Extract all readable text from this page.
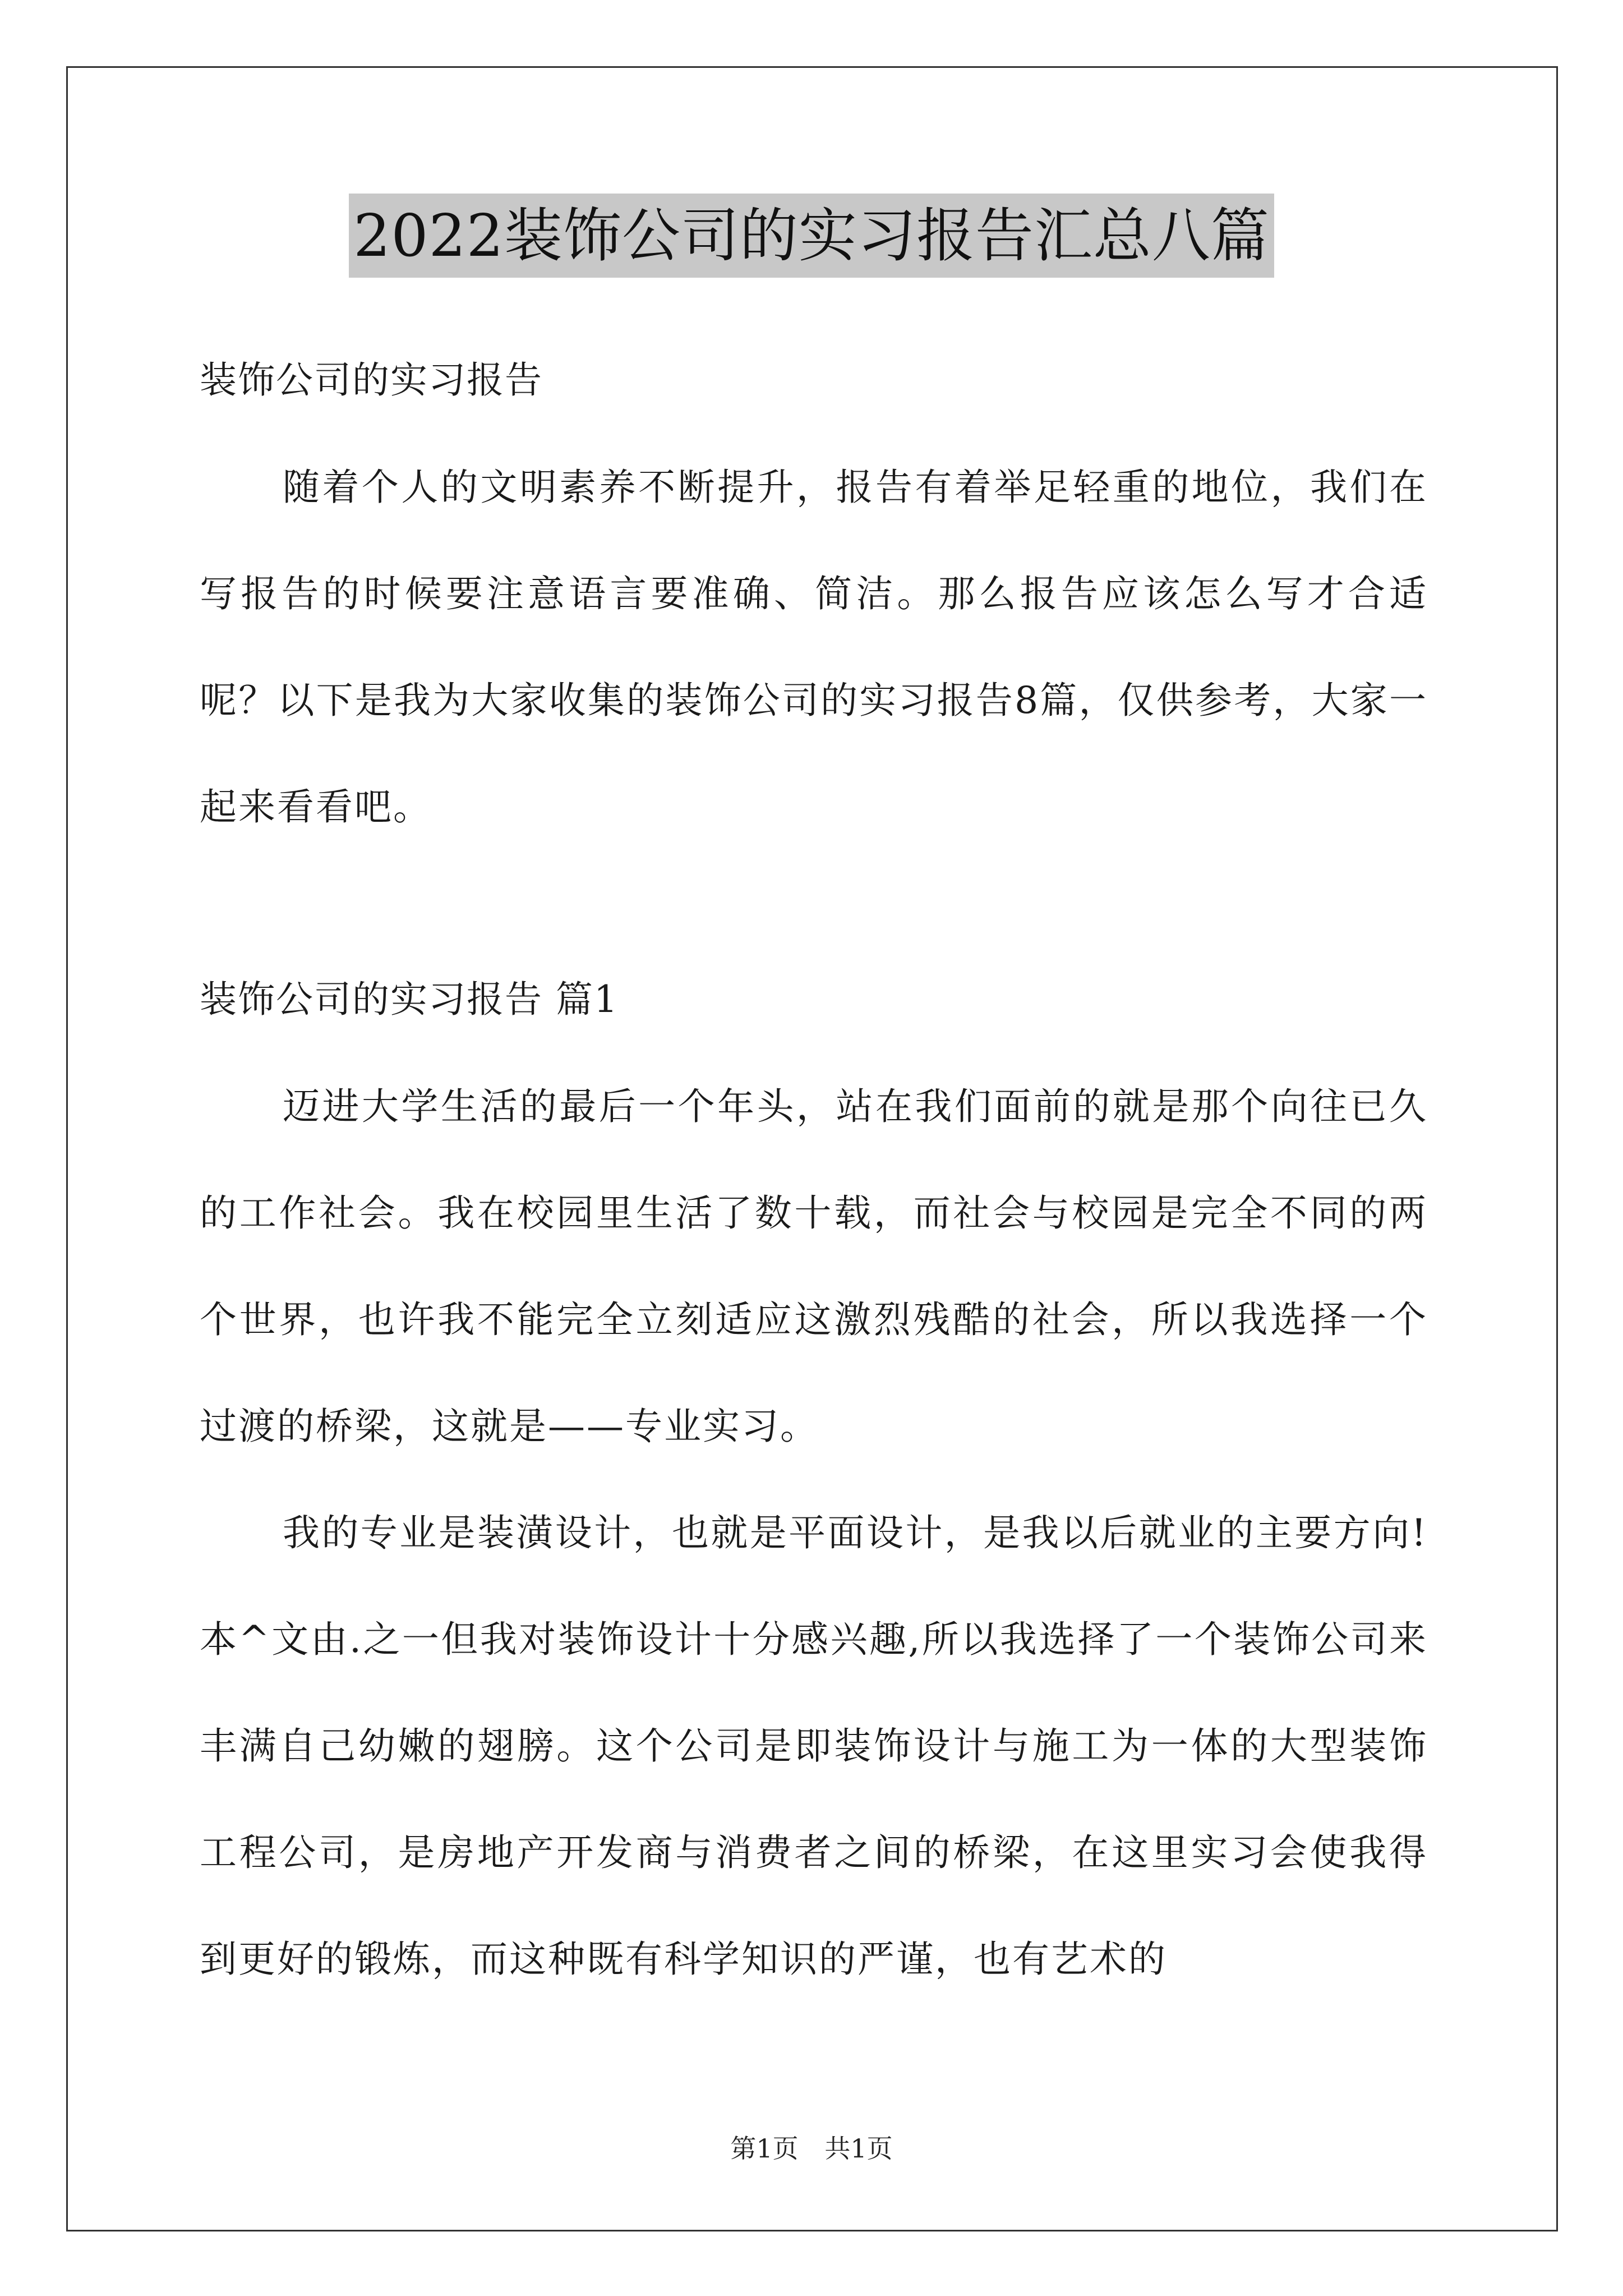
2022装饰公司的实习报告汇总八篇

装饰公司的实习报告

随着个人的文明素养不断提升，报告有着举足轻重的地位，我们在写报告的时候要注意语言要准确、简洁。那么报告应该怎么写才合适呢？以下是我为大家收集的装饰公司的实习报告8篇，仅供参考，大家一起来看看吧。

装饰公司的实习报告 篇1

迈进大学生活的最后一个年头，站在我们面前的就是那个向往已久的工作社会。我在校园里生活了数十载，而社会与校园是完全不同的两个世界，也许我不能完全立刻适应这激烈残酷的社会，所以我选择一个过渡的桥梁，这就是——专业实习。

我的专业是装潢设计，也就是平面设计，是我以后就业的主要方向!本^文由.之一但我对装饰设计十分感兴趣,所以我选择了一个装饰公司来丰满自己幼嫩的翅膀。这个公司是即装饰设计与施工为一体的大型装饰工程公司，是房地产开发商与消费者之间的桥梁，在这里实习会使我得到更好的锻炼，而这种既有科学知识的严谨，也有艺术的

第1页 共1页
